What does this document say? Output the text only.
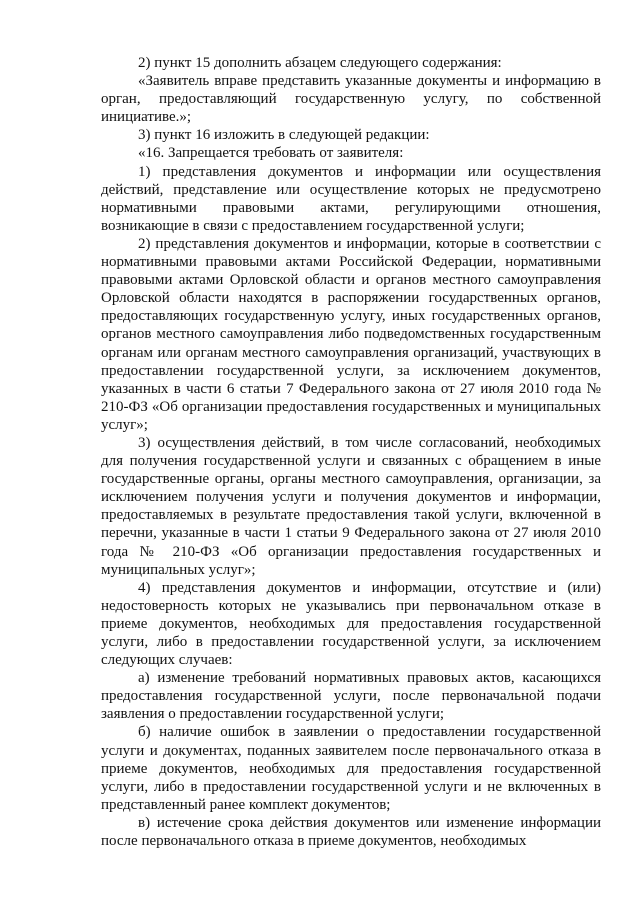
2) пункт 15 дополнить абзацем следующего содержания:

«Заявитель вправе представить указанные документы и информацию в орган, предоставляющий государственную услугу, по собственной инициативе.»;

3) пункт 16 изложить в следующей редакции:

«16. Запрещается требовать от заявителя:

1) представления документов и информации или осуществления действий, представление или осуществление которых не предусмотрено нормативными правовыми актами, регулирующими отношения, возникающие в связи с предоставлением государственной услуги;

2) представления документов и информации, которые в соответствии с нормативными правовыми актами Российской Федерации, нормативными правовыми актами Орловской области и органов местного самоуправления Орловской области находятся в распоряжении государственных органов, предоставляющих государственную услугу, иных государственных органов, органов местного самоуправления либо подведомственных государственным органам или органам местного самоуправления организаций, участвующих в предоставлении государственной услуги, за исключением документов, указанных в части 6 статьи 7 Федерального закона от 27 июля 2010 года № 210-ФЗ «Об организации предоставления государственных и муниципальных услуг»;

3) осуществления действий, в том числе согласований, необходимых для получения государственной услуги и связанных с обращением в иные государственные органы, органы местного самоуправления, организации, за исключением получения услуги и получения документов и информации, предоставляемых в результате предоставления такой услуги, включенной в перечни, указанные в части 1 статьи 9 Федерального закона от 27 июля 2010 года № 210-ФЗ «Об организации предоставления государственных и муниципальных услуг»;

4) представления документов и информации, отсутствие и (или) недостоверность которых не указывались при первоначальном отказе в приеме документов, необходимых для предоставления государственной услуги, либо в предоставлении государственной услуги, за исключением следующих случаев:

а) изменение требований нормативных правовых актов, касающихся предоставления государственной услуги, после первоначальной подачи заявления о предоставлении государственной услуги;

б) наличие ошибок в заявлении о предоставлении государственной услуги и документах, поданных заявителем после первоначального отказа в приеме документов, необходимых для предоставления государственной услуги, либо в предоставлении государственной услуги и не включенных в представленный ранее комплект документов;

в) истечение срока действия документов или изменение информации после первоначального отказа в приеме документов, необходимых
